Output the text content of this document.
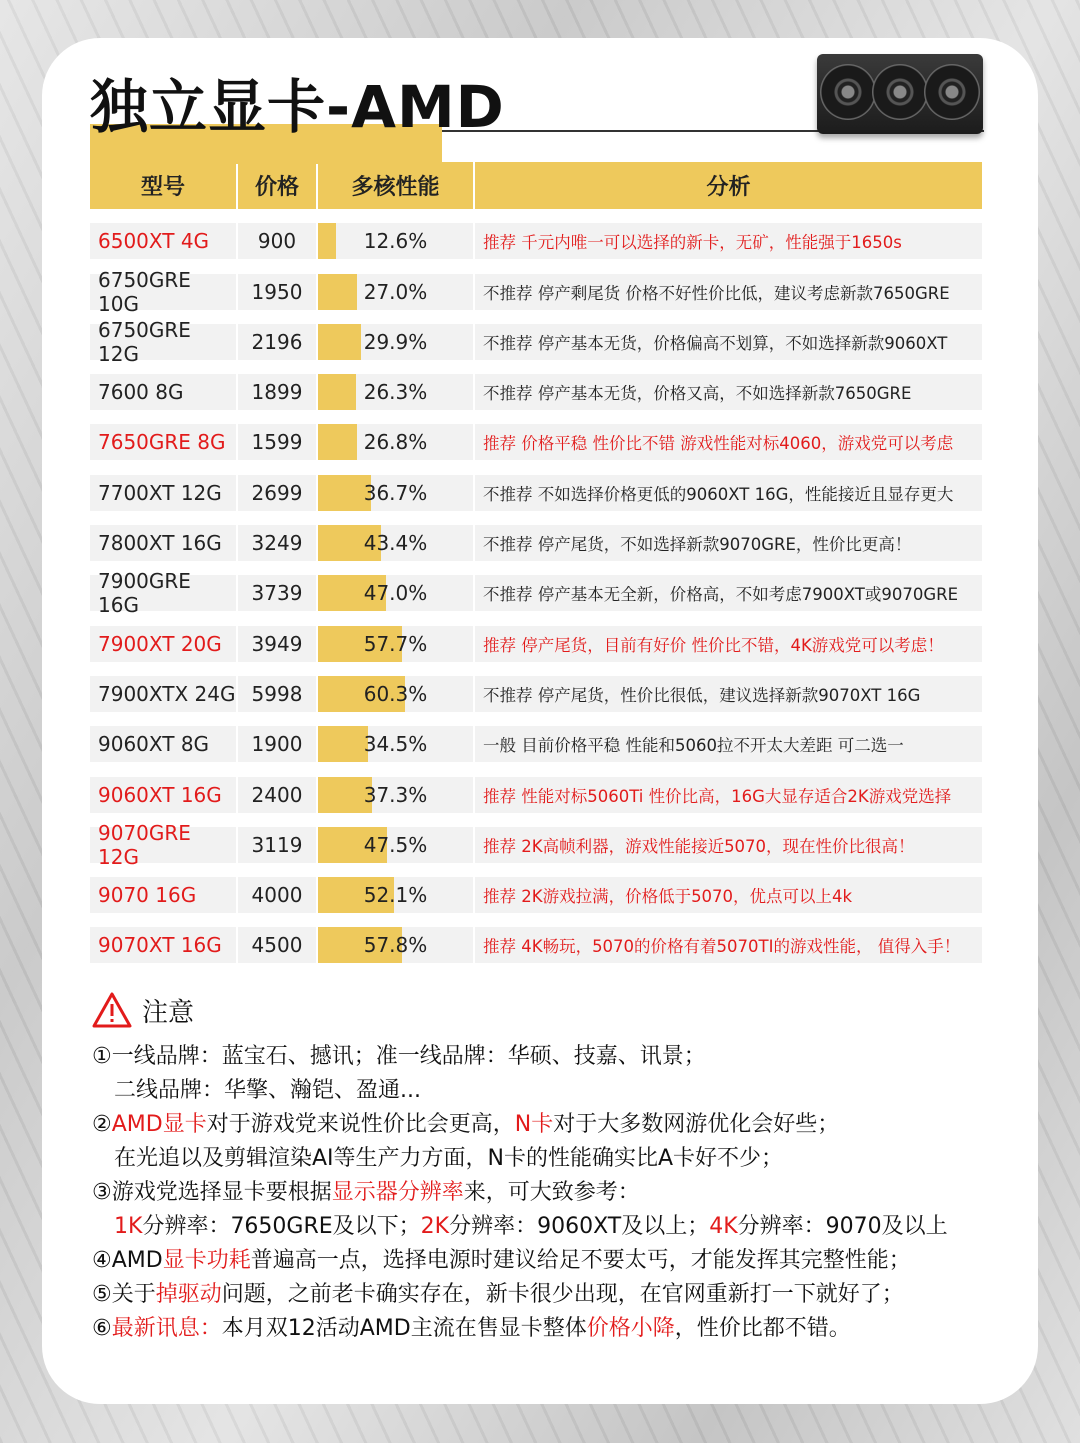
独立显卡-AMD
型号	价格	多核性能	分析
6500XT 4G	900	12.6%	推荐 千元内唯一可以选择的新卡，无矿，性能强于1650s
6750GRE 10G	1950	27.0%	不推荐 停产剩尾货 价格不好性价比低，建议考虑新款7650GRE
6750GRE 12G	2196	29.9%	不推荐 停产基本无货，价格偏高不划算，不如选择新款9060XT
7600 8G	1899	26.3%	不推荐 停产基本无货，价格又高，不如选择新款7650GRE
7650GRE 8G	1599	26.8%	推荐 价格平稳 性价比不错 游戏性能对标4060，游戏党可以考虑
7700XT 12G	2699	36.7%	不推荐 不如选择价格更低的9060XT 16G，性能接近且显存更大
7800XT 16G	3249	43.4%	不推荐 停产尾货，不如选择新款9070GRE，性价比更高！
7900GRE 16G	3739	47.0%	不推荐 停产基本无全新，价格高，不如考虑7900XT或9070GRE
7900XT 20G	3949	57.7%	推荐 停产尾货，目前有好价 性价比不错，4K游戏党可以考虑！
7900XTX 24G 5998	60.3%	不推荐 停产尾货，性价比很低，建议选择新款9070XT 16G
9060XT 8G	1900	34.5%	一般 目前价格平稳 性能和5060拉不开太大差距 可二选一
9060XT 16G	2400	37.3%	推荐 性能对标5060Ti 性价比高，16G大显存适合2K游戏党选择
9070GRE 12G	3119	47.5%	推荐 2K高帧利器，游戏性能接近5070，现在性价比很高！
9070 16G	4000	52.1%	推荐 2K游戏拉满，价格低于5070，优点可以上4k
9070XT 16G	4500	57.8%	推荐 4K畅玩，5070的价格有着5070TI的游戏性能， 值得入手！
注意
①一线品牌：蓝宝石、撼讯；准一线品牌：华硕、技嘉、讯景；
二线品牌：华擎、瀚铠、盈通...
②AMD显卡对于游戏党来说性价比会更高，N卡对于大多数网游优化会好些；
在光追以及剪辑渲染AI等生产力方面，N卡的性能确实比A卡好不少；
③游戏党选择显卡要根据显示器分辨率来，可大致参考：
1K分辨率：7650GRE及以下；2K分辨率：9060XT及以上；4K分辨率：9070及以上
④AMD显卡功耗普遍高一点，选择电源时建议给足不要太丐，才能发挥其完整性能；
⑤关于掉驱动问题，之前老卡确实存在，新卡很少出现，在官网重新打一下就好了；
⑥最新讯息：本月双12活动AMD主流在售显卡整体价格小降，性价比都不错。
